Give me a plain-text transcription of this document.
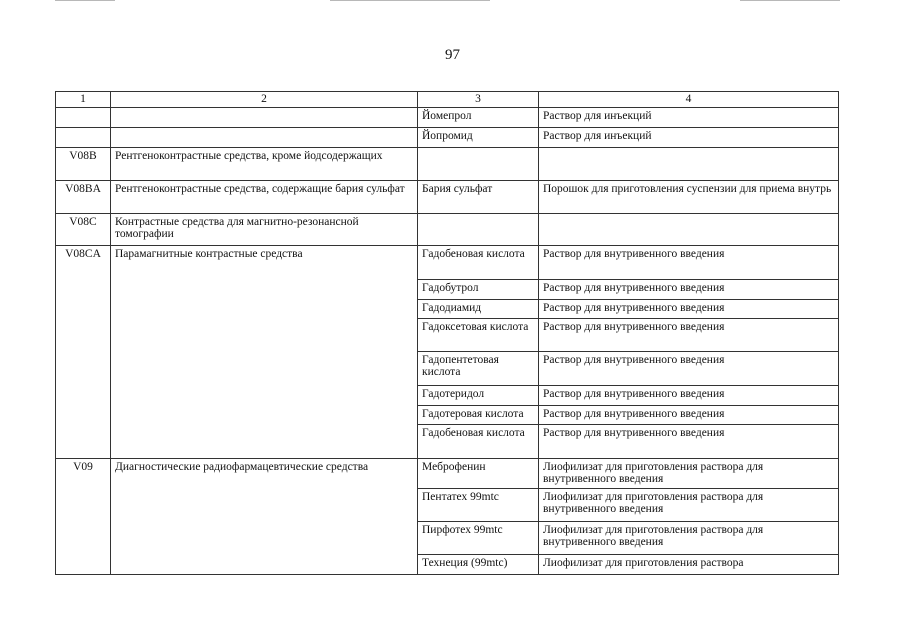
97
1	2	3	4
		Йомепрол	Раствор для инъекций
		Йопромид	Раствор для инъекций
V08B	Рентгеноконтрастные средства, кроме йодсодержащих		
V08BA	Рентгеноконтрастные средства, содержащие бария сульфат	Бария сульфат	Порошок для приготовления суспензии для приема внутрь
V08C	Контрастные средства для магнитно-резонансной томографии		
V08CA	Парамагнитные контрастные средства	Гадобеновая кислота	Раствор для внутривенного введения
		Гадобутрол	Раствор для внутривенного введения
		Гадодиамид	Раствор для внутривенного введения
		Гадоксетовая кислота	Раствор для внутривенного введения
		Гадопентетовая кислота	Раствор для внутривенного введения
		Гадотеридол	Раствор для внутривенного введения
		Гадотеровая кислота	Раствор для внутривенного введения
		Гадобеновая кислота	Раствор для внутривенного введения
V09	Диагностические радиофармацевтические средства	Меброфенин	Лиофилизат для приготовления раствора для внутривенного введения
		Пентатех 99mtc	Лиофилизат для приготовления раствора для внутривенного введения
		Пирфотех 99mtc	Лиофилизат для приготовления раствора для внутривенного введения
		Технеция (99mtc)	Лиофилизат для приготовления раствора
